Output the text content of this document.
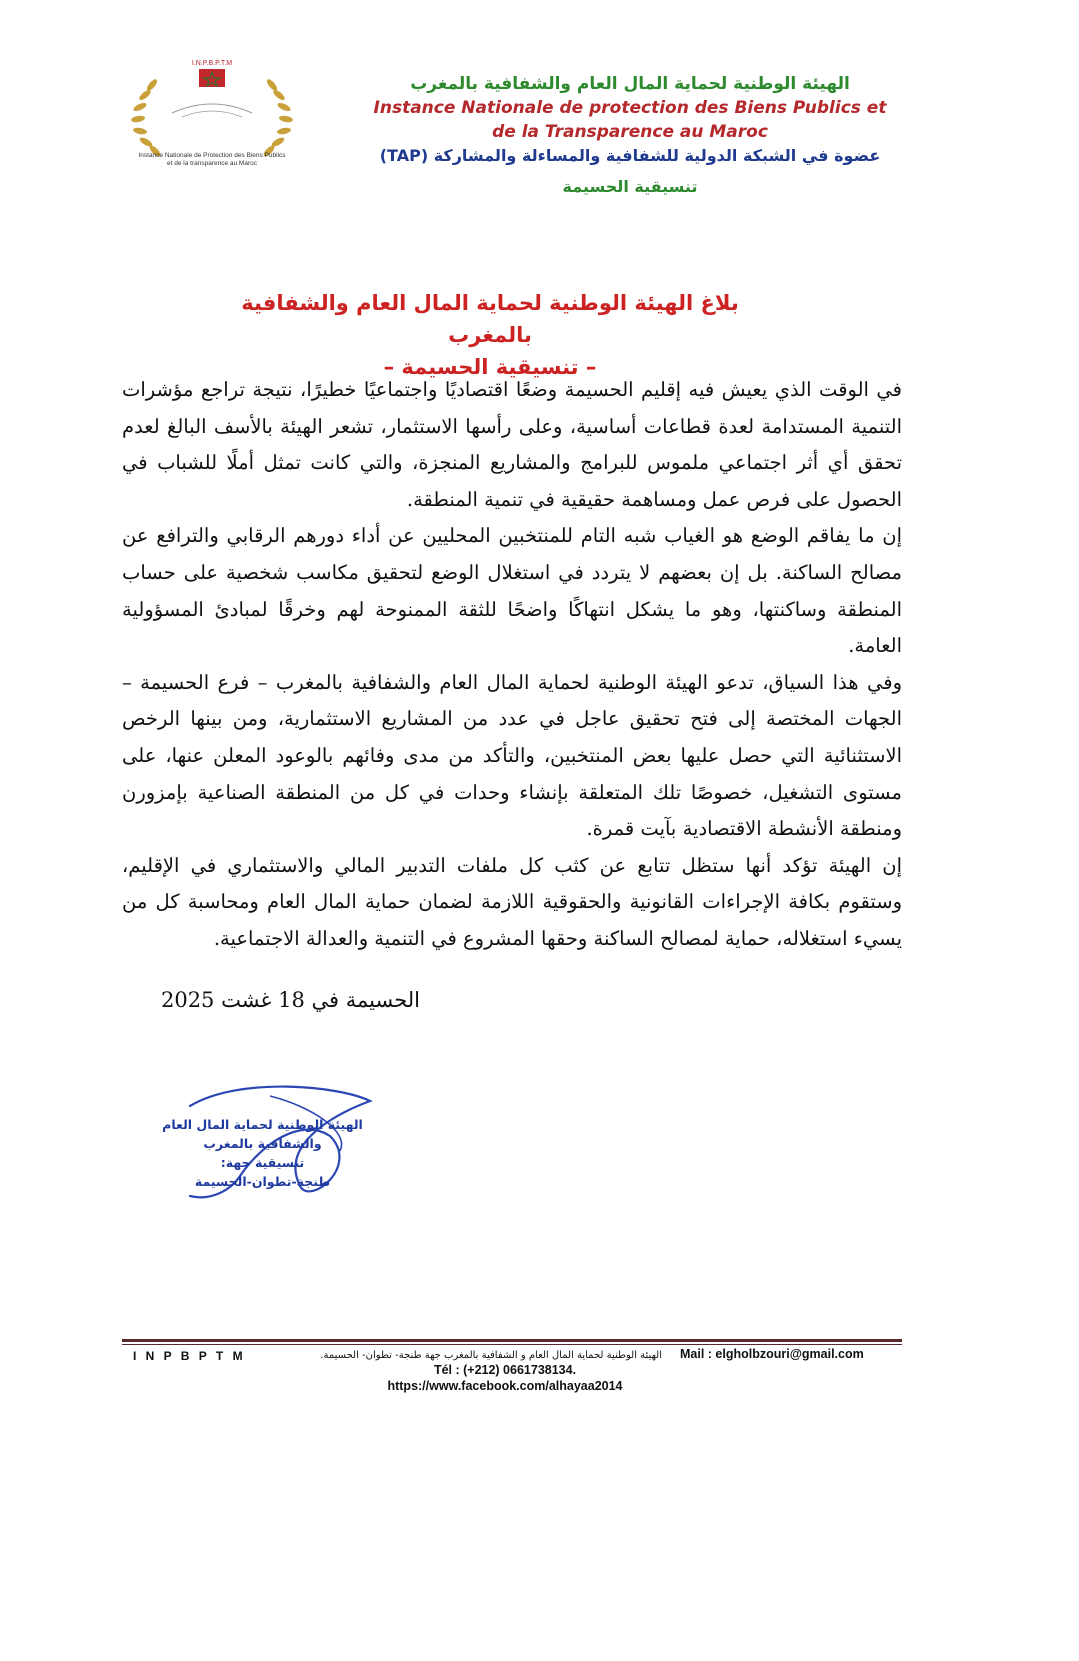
I.N.P.B.P.T.M
Instance Nationale de Protection des Biens Publics
et de la transparence au Maroc
الهيئة الوطنية لحماية المال العام والشفافية بالمغرب
Instance Nationale de protection des Biens Publics et
de la Transparence au Maroc
عضوة في الشبكة الدولية للشفافية والمساءلة والمشاركة (TAP)
تنسيقية الحسيمة
بلاغ الهيئة الوطنية لحماية المال العام والشفافية بالمغرب
– تنسيقية الحسيمة –

في الوقت الذي يعيش فيه إقليم الحسيمة وضعًا اقتصاديًا واجتماعيًا خطيرًا، نتيجة تراجع مؤشرات التنمية المستدامة لعدة قطاعات أساسية، وعلى رأسها الاستثمار، تشعر الهيئة بالأسف البالغ لعدم تحقق أي أثر اجتماعي ملموس للبرامج والمشاريع المنجزة، والتي كانت تمثل أملًا للشباب في الحصول على فرص عمل ومساهمة حقيقية في تنمية المنطقة.

إن ما يفاقم الوضع هو الغياب شبه التام للمنتخبين المحليين عن أداء دورهم الرقابي والترافع عن مصالح الساكنة. بل إن بعضهم لا يتردد في استغلال الوضع لتحقيق مكاسب شخصية على حساب المنطقة وساكنتها، وهو ما يشكل انتهاكًا واضحًا للثقة الممنوحة لهم وخرقًا لمبادئ المسؤولية العامة.

وفي هذا السياق، تدعو الهيئة الوطنية لحماية المال العام والشفافية بالمغرب – فرع الحسيمة – الجهات المختصة إلى فتح تحقيق عاجل في عدد من المشاريع الاستثمارية، ومن بينها الرخص الاستثنائية التي حصل عليها بعض المنتخبين، والتأكد من مدى وفائهم بالوعود المعلن عنها، على مستوى التشغيل، خصوصًا تلك المتعلقة بإنشاء وحدات في كل من المنطقة الصناعية بإمزورن ومنطقة الأنشطة الاقتصادية بآيت قمرة.

إن الهيئة تؤكد أنها ستظل تتابع عن كثب كل ملفات التدبير المالي والاستثماري في الإقليم، وستقوم بكافة الإجراءات القانونية والحقوقية اللازمة لضمان حماية المال العام ومحاسبة كل من يسيء استغلاله، حماية لمصالح الساكنة وحقها المشروع في التنمية والعدالة الاجتماعية.

الحسيمة في 18 غشت 2025
الهيئة الوطنية لحماية المال العام
والشفافية بالمغرب
تنسيقية جهة:
طنجة-تطوان-الحسيمة
I N P B P T M	الهيئة الوطنية لحماية المال العام و الشفافية بالمغرب جهة طنجة- تطوان- الحسيمة. Mail : elgholbzouri@gmail.com
Tél : (+212) 0661738134.
https://www.facebook.com/alhayaa2014
